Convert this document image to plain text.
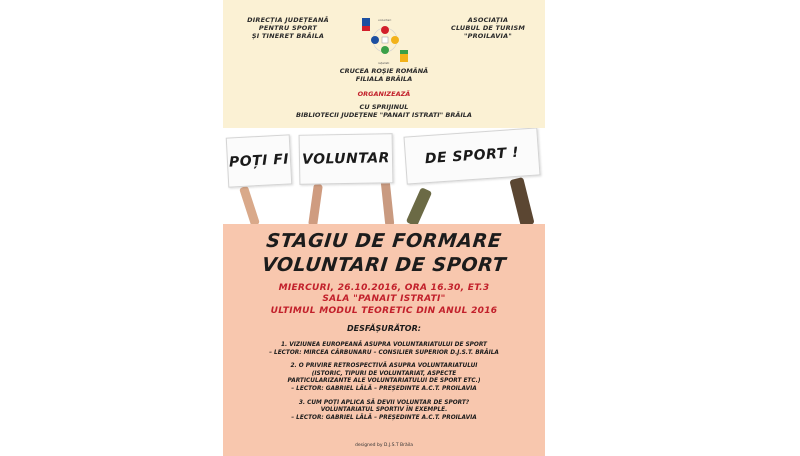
DIRECȚIA JUDEȚEANĂ
PENTRU SPORT
ȘI TINERET BRĂILA
voluntari
rețelisti
ASOCIAȚIA
CLUBUL DE TURISM
"PROILAVIA"
CRUCEA ROȘIE ROMÂNĂ
FILIALA BRĂILA
ORGANIZEAZĂ
CU SPRIJINUL
BIBLIOTECII JUDEȚENE "PANAIT ISTRATI" BRĂILA
POȚI FI VOLUNTAR	DE SPORT !
STAGIU DE FORMARE
VOLUNTARI DE SPORT
MIERCURI, 26.10.2016, ORA 16.30, ET.3
SALA "PANAIT ISTRATI"
ULTIMUL MODUL TEORETIC DIN ANUL 2016
DESFĂȘURĂTOR:
1. VIZIUNEA EUROPEANĂ ASUPRA VOLUNTARIATULUI DE SPORT
– LECTOR: MIRCEA CĂRBUNARU – CONSILIER SUPERIOR D.J.S.T. BRĂILA
2. O PRIVIRE RETROSPECTIVĂ ASUPRA VOLUNTARIATULUI
(ISTORIC, TIPURI DE VOLUNTARIAT, ASPECTE
PARTICULARIZANTE ALE VOLUNTARIATULUI DE SPORT ETC.)
– LECTOR: GABRIEL LĂLĂ – PREȘEDINTE A.C.T. PROILAVIA
3. CUM POȚI APLICA SĂ DEVII VOLUNTAR DE SPORT?
VOLUNTARIATUL SPORTIV ÎN EXEMPLE.
– LECTOR: GABRIEL LĂLĂ – PREȘEDINTE A.C.T. PROILAVIA
designed by D.J.S.T Brăila
